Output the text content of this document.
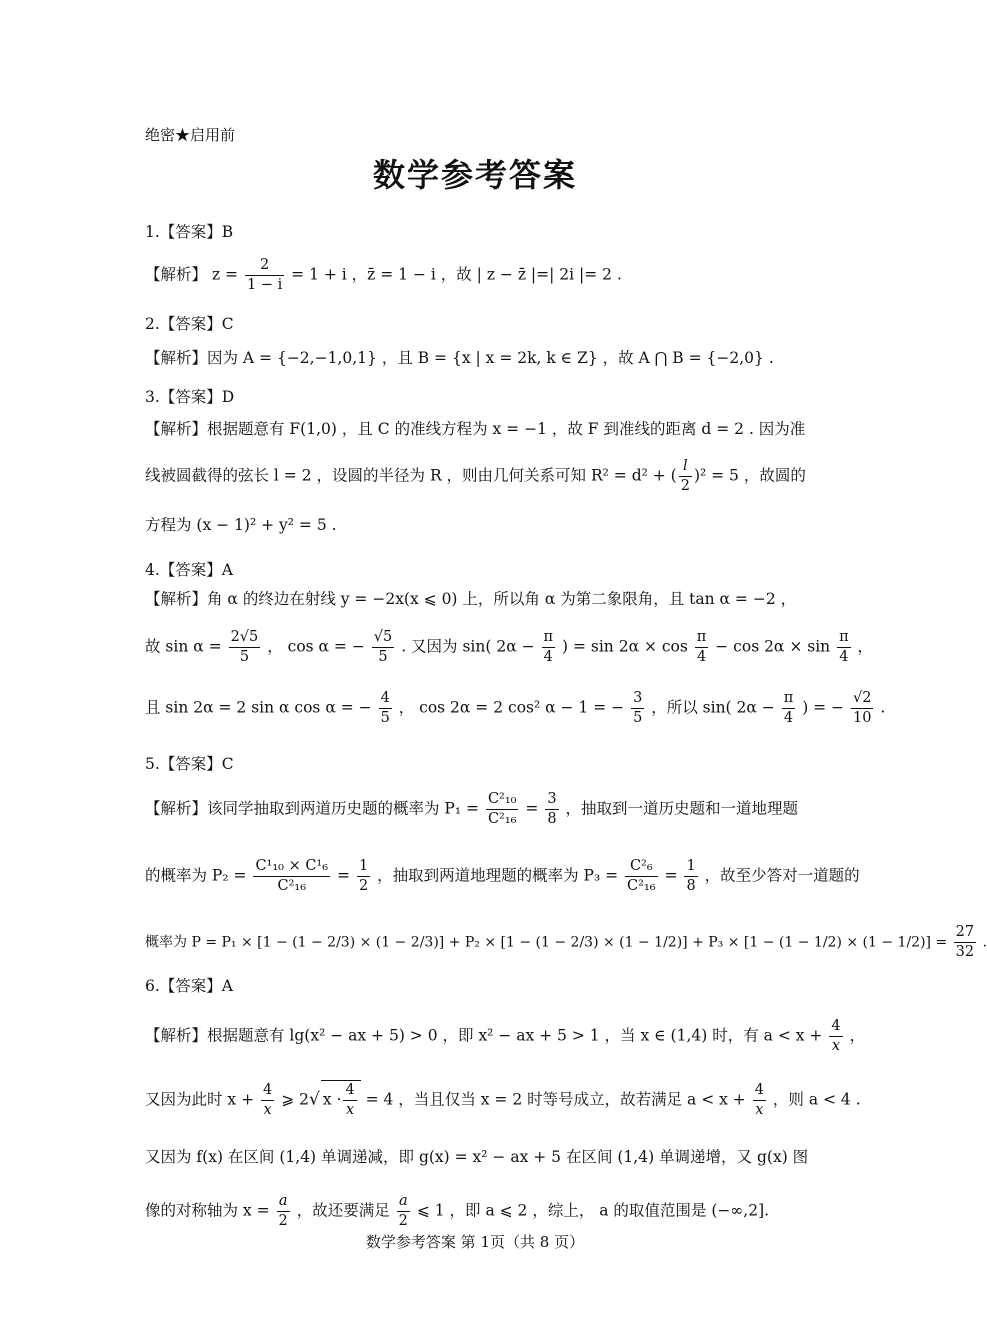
绝密★启用前
数学参考答案
1.【答案】B
【解析】 $z = \frac{2}{1 - i} = 1 + i$ ，z̄ = 1 − i ，故 | z − z̄ |=| 2i |= 2 .
2.【答案】C
【解析】因为 A = {−2,−1,0,1} ，且 B = {x | x = 2k, k ∈ Z} ，故 A ⋂ B = {−2,0} .
3.【答案】D
【解析】根据题意有 F(1,0) ，且 C 的准线方程为 x = −1 ，故 F 到准线的距离 d = 2 . 因为准
线被圆截得的弦长 l = 2 ，设圆的半径为 R ，则由几何关系可知 R² = d² + ( $\frac{l}{2} )^2 = 5$ ，故圆的
方程为 (x − 1)² + y² = 5 .
4.【答案】A
【解析】角 α 的终边在射线 y = −2x(x ⩽ 0) 上，所以角 α 为第二象限角，且 tan α = −2 ，
故 $\sin \alpha = \frac{2√5}{5}$ ， cos α = − $\frac{√5}{5}$ . 又因为 sin( $2\alpha - \frac{\pi}{4}$ ) = $\sin 2\alpha \times \cos \frac{\pi}{4} - \cos 2\alpha \times \sin \frac{\pi}{4}$ ，
且 sin 2α = 2 sin α cos α = − $\frac{4}{5}$ ， cos 2α = 2 cos² α − 1 = − $\frac{3}{5}$ ，所以 sin( $2\alpha - \frac{\pi}{4}$ ) = − $\frac{√2}{10}$ .
5.【答案】C
【解析】该同学抽取到两道历史题的概率为 $P_1 = \frac{\text{C²₁₀}}{\text{C²₁₆}} = \frac{3}{8}$ ，抽取到一道历史题和一道地理题
的概率为 $P_2 = \frac{\text{C¹₁₀ × C¹₆}}{\text{C²₁₆}} = \frac{1}{2}$ ，抽取到两道地理题的概率为 $P_3 = \frac{\text{C²₆}}{\text{C²₁₆}} = \frac{1}{8}$ ，故至少答对一道题的
概率为 $P = P_1 \times [1 - (1 - 2/3) \times (1 - 2/3)] + P_2 \times [1 - (1 - 2/3) \times (1 - 1/2)] + P_3 \times [1 - (1 - 1/2) \times (1 - 1/2)] = \frac{27}{32}$ .
6.【答案】A
【解析】根据题意有 lg(x² − ax + 5) > 0 ，即 x² − ax + 5 > 1 ，当 x ∈ (1,4) 时，有 $a < x + \frac{4}{x}$ ，
又因为此时 $x + \frac{4}{x}$ ⩾ 2√ $x \cdot \frac{4}{x} = 4$ ，当且仅当 x = 2 时等号成立，故若满足 $a < x + \frac{4}{x}$ ，则 a < 4 .
又因为 f(x) 在区间 (1,4) 单调递减，即 g(x) = x² − ax + 5 在区间 (1,4) 单调递增，又 g(x) 图
像的对称轴为 $x = \frac{a}{2}$ ，故还要满足 $\frac{a}{2}$ ⩽ 1 ，即 a ⩽ 2 ，综上， a 的取值范围是 (−∞,2].
数学参考答案 第 1页（共 8 页）
